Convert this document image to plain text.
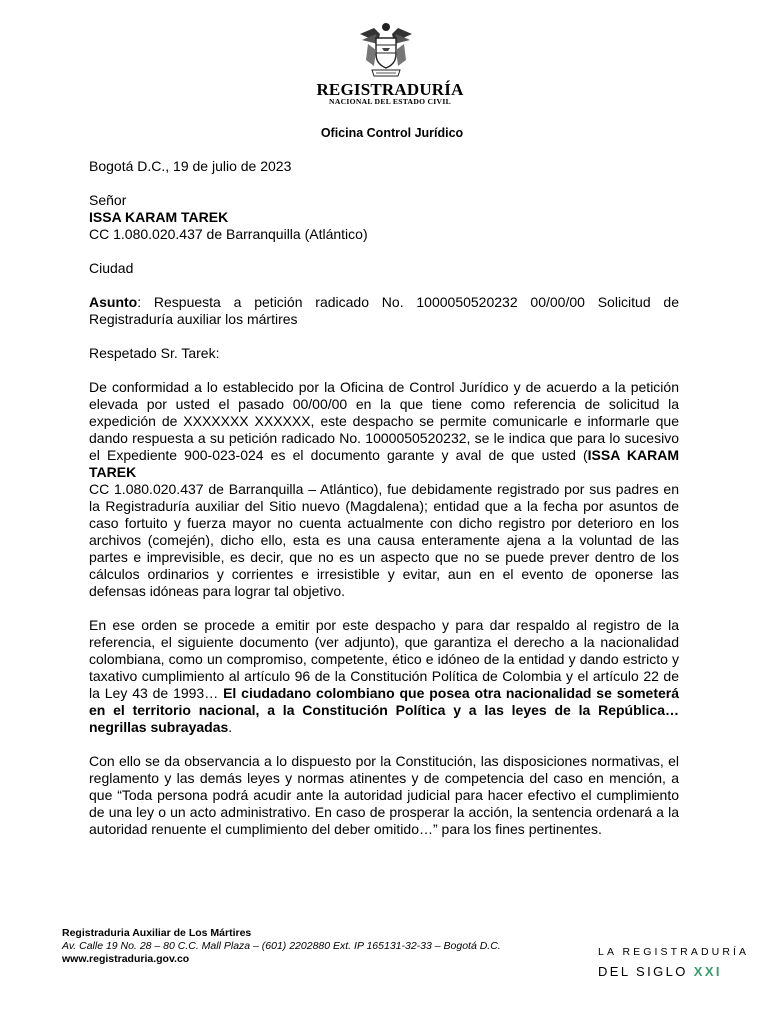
REGISTRADURÍA
NACIONAL DEL ESTADO CIVIL
Oficina Control Jurídico

Bogotá D.C., 19 de julio de 2023

Señor

ISSA KARAM TAREK

CC 1.080.020.437 de Barranquilla (Atlántico)

Ciudad

Asunto: Respuesta a petición radicado No. 1000050520232 00/00/00 Solicitud de Registraduría auxiliar los mártires

Respetado Sr. Tarek:

De conformidad a lo establecido por la Oficina de Control Jurídico y de acuerdo a la petición elevada por usted el pasado 00/00/00 en la que tiene como referencia de solicitud la expedición de XXXXXXX XXXXXX, este despacho se permite comunicarle e informarle que dando respuesta a su petición radicado No. 1000050520232, se le indica que para lo sucesivo el Expediente 900-023-024 es el documento garante y aval de que usted (ISSA KARAM TAREK

CC 1.080.020.437 de Barranquilla – Atlántico), fue debidamente registrado por sus padres en la Registraduría auxiliar del Sitio nuevo (Magdalena); entidad que a la fecha por asuntos de caso fortuito y fuerza mayor no cuenta actualmente con dicho registro por deterioro en los archivos (comején), dicho ello, esta es una causa enteramente ajena a la voluntad de las partes e imprevisible, es decir, que no es un aspecto que no se puede prever dentro de los cálculos ordinarios y corrientes e irresistible y evitar, aun en el evento de oponerse las defensas idóneas para lograr tal objetivo.

En ese orden se procede a emitir por este despacho y para dar respaldo al registro de la referencia, el siguiente documento (ver adjunto), que garantiza el derecho a la nacionalidad colombiana, como un compromiso, competente, ético e idóneo de la entidad y dando estricto y taxativo cumplimiento al artículo 96 de la Constitución Política de Colombia y el artículo 22 de la Ley 43 de 1993… El ciudadano colombiano que posea otra nacionalidad se someterá en el territorio nacional, a la Constitución Política y a las leyes de la República…negrillas subrayadas.

Con ello se da observancia a lo dispuesto por la Constitución, las disposiciones normativas, el reglamento y las demás leyes y normas atinentes y de competencia del caso en mención, a que “Toda persona podrá acudir ante la autoridad judicial para hacer efectivo el cumplimiento de una ley o un acto administrativo. En caso de prosperar la acción, la sentencia ordenará a la autoridad renuente el cumplimiento del deber omitido…” para los fines pertinentes.

Registraduria Auxiliar de Los Mártires
Av. Calle 19 No. 28 – 80 C.C. Mall Plaza – (601) 2202880 Ext. IP 165131-32-33 – Bogotá D.C.
www.registraduria.gov.co
LA REGISTRADURÍA
DEL SIGLO XXI
